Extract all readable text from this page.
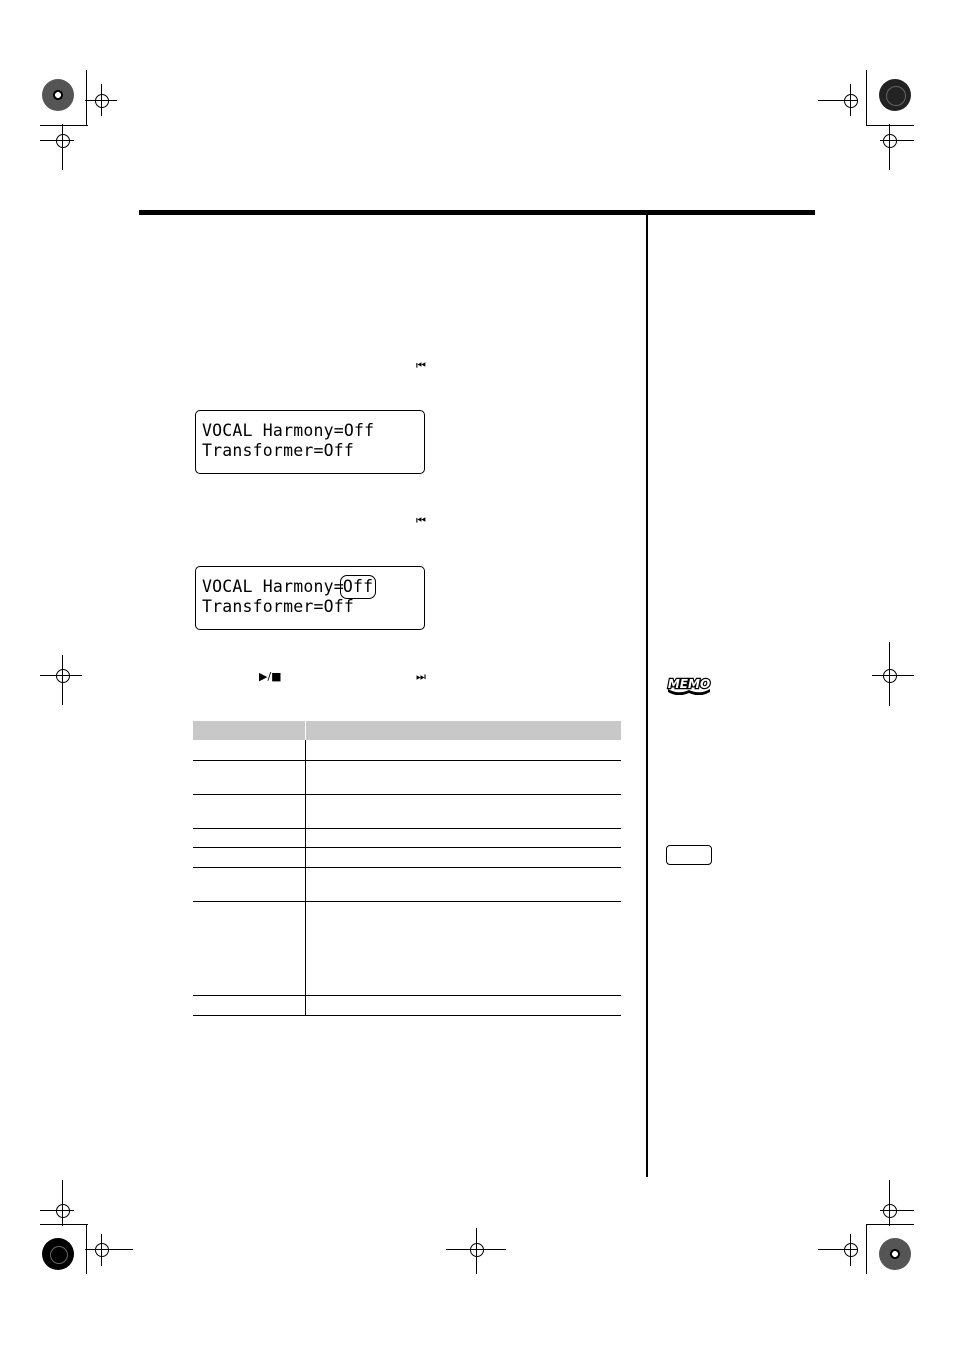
⏮
⏮
▶/■	⏭
VOCAL Harmony=Off
Transformer=Off
VOCAL Harmony=Off
Transformer=Off

MEMO
